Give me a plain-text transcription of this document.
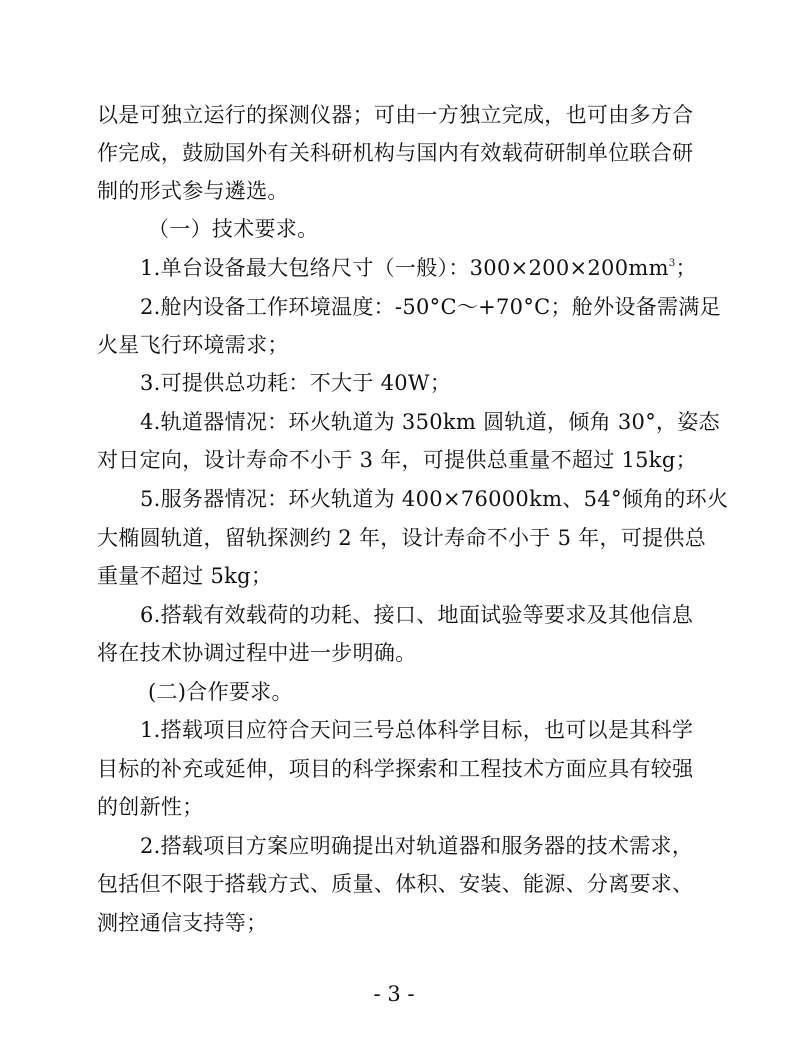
以是可独立运行的探测仪器；可由一方独立完成，也可由多方合
作完成，鼓励国外有关科研机构与国内有效载荷研制单位联合研
制的形式参与遴选。
（一）技术要求。
1.单台设备最大包络尺寸（一般）：$300\times 200\times 200mm^3$；
2.舱内设备工作环境温度：-50°C～+70°C；舱外设备需满足
火星飞行环境需求；
3.可提供总功耗：不大于 40W；
4.轨道器情况：环火轨道为 350km 圆轨道，倾角 30°，姿态
对日定向，设计寿命不小于 3 年，可提供总重量不超过 15kg；
5.服务器情况：环火轨道为 400×76000km、54°倾角的环火
大椭圆轨道，留轨探测约 2 年，设计寿命不小于 5 年，可提供总
重量不超过 5kg；
6.搭载有效载荷的功耗、接口、地面试验等要求及其他信息
将在技术协调过程中进一步明确。
(二)合作要求。
1.搭载项目应符合天问三号总体科学目标，也可以是其科学
目标的补充或延伸，项目的科学探索和工程技术方面应具有较强
的创新性；
2.搭载项目方案应明确提出对轨道器和服务器的技术需求，
包括但不限于搭载方式、质量、体积、安装、能源、分离要求、
测控通信支持等；
- 3 -
